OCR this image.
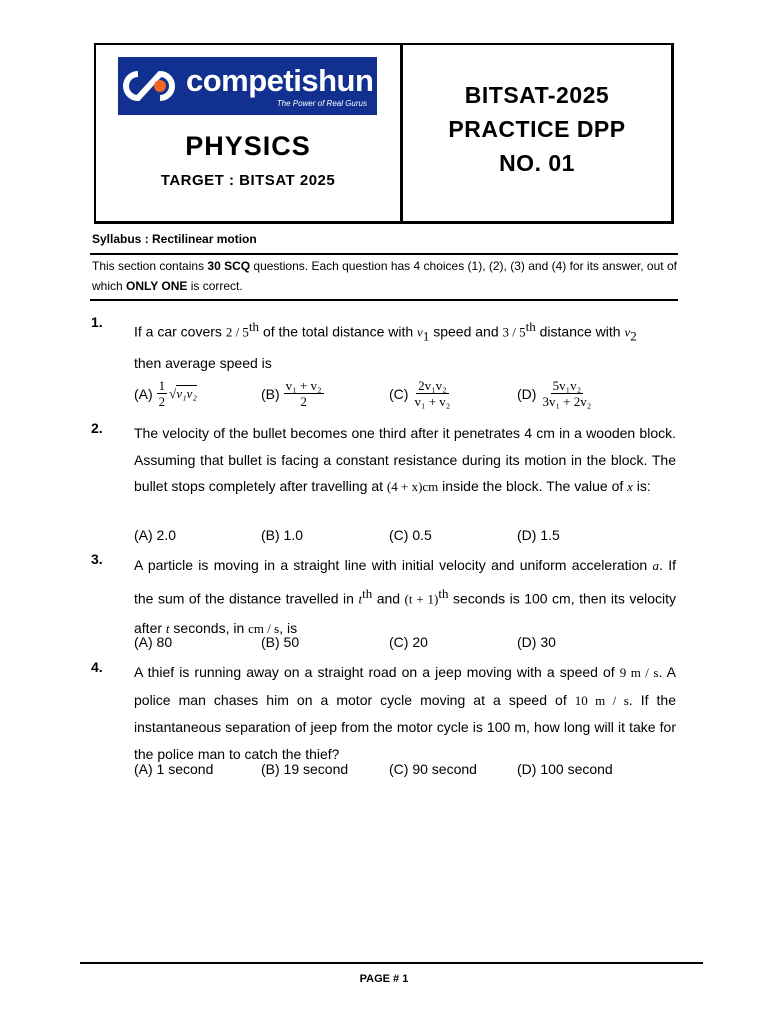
competishun
The Power of Real Gurus
PHYSICS
TARGET : BITSAT 2025
BITSAT-2025
PRACTICE DPP
NO. 01
Syllabus : Rectilinear motion
This section contains 30 SCQ questions. Each question has 4 choices (1), (2), (3) and (4) for its answer, out of which ONLY ONE is correct.
1.
If a car covers 2 / 5th of the total distance with $v_1$ speed and 3 / 5th distance with $v_2$
then average speed is
$(A) \frac{1}{2} √v_1v_2$	$(B) \frac{\text{v₁ + v₂}}{2}$	$(C) \frac{\text{2v₁v₂}}{\text{v₁ + v₂}}$	$(D) \frac{\text{5v₁v₂}}{\text{3v₁ + 2v₂}}$
2. The velocity of the bullet becomes one third after it penetrates 4 cm in a wooden block. Assuming that bullet is facing a constant resistance during its motion in the block. The bullet stops completely after travelling at (4 + x)cm inside the block. The value of x is:
(A) 2.0	(B) 1.0	(C) 0.5	(D) 1.5
3. A particle is moving in a straight line with initial velocity and uniform acceleration a. If the sum of the distance travelled in $t^{th}$ and $(t + 1)^{th}$ seconds is 100 cm, then its velocity after t seconds, in cm / s, is
(A) 80	(B) 50	(C) 20	(D) 30
4. A thief is running away on a straight road on a jeep moving with a speed of 9 m / s. A police man chases him on a motor cycle moving at a speed of 10 m / s. If the instantaneous separation of jeep from the motor cycle is 100 m, how long will it take for the police man to catch the thief?
(A) 1 second	(B) 19 second	(C) 90 second	(D) 100 second
PAGE # 1
